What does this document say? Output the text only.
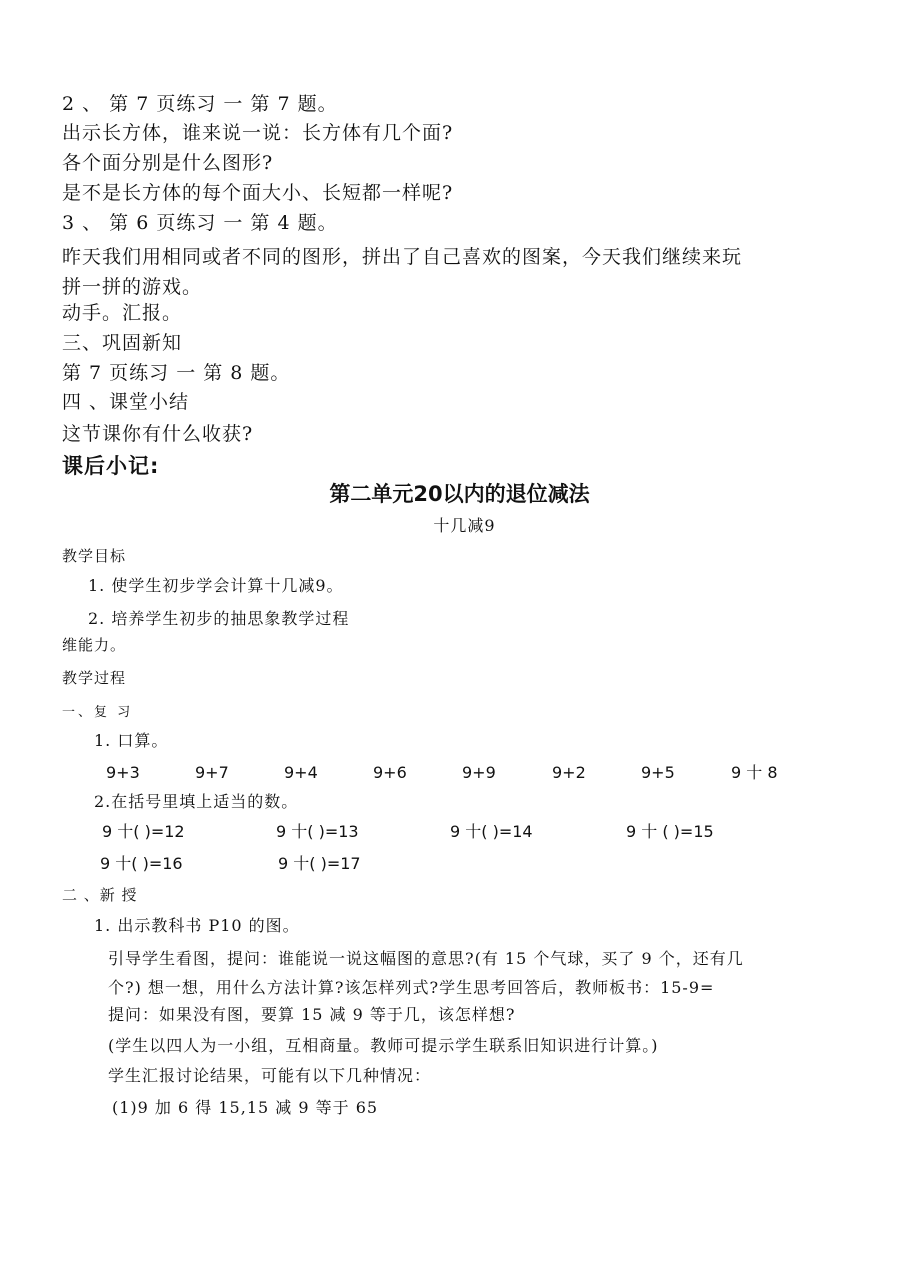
2 、 第 7 页练习 一 第 7 题。
出示长方体，谁来说一说：长方体有几个面?
各个面分别是什么图形?
是不是长方体的每个面大小、长短都一样呢?
3 、 第 6 页练习 一 第 4 题。
昨天我们用相同或者不同的图形，拼出了自己喜欢的图案，今天我们继续来玩
拼一拼的游戏。
动手。汇报。
三、巩固新知
第 7 页练习 一 第 8 题。
四 、课堂小结
这节课你有什么收获?
课后小记:
第二单元20以内的退位减法
十几减9
教学目标
1. 使学生初步学会计算十几减9。
2. 培养学生初步的抽思象教学过程
维能力。
教学过程
一、复 习
1. 口算。
9+3	9+7	9+4	9+6	9+9	9+2	9+5	9 十 8
2.在括号里填上适当的数。
9 十( )=12	9 十( )=13	9 十( )=14	9 十 ( )=15
9 十( )=16	9 十( )=17
二 、新 授
1. 出示教科书 P10 的图。
引导学生看图，提问：谁能说一说这幅图的意思?(有 15 个气球，买了 9 个，还有几
个?) 想一想，用什么方法计算?该怎样列式?学生思考回答后，教师板书：15-9=
提问：如果没有图，要算 15 减 9 等于几，该怎样想?
(学生以四人为一小组，互相商量。教师可提示学生联系旧知识进行计算。)
学生汇报讨论结果，可能有以下几种情况：
(1)9 加 6 得 15,15 减 9 等于 65
